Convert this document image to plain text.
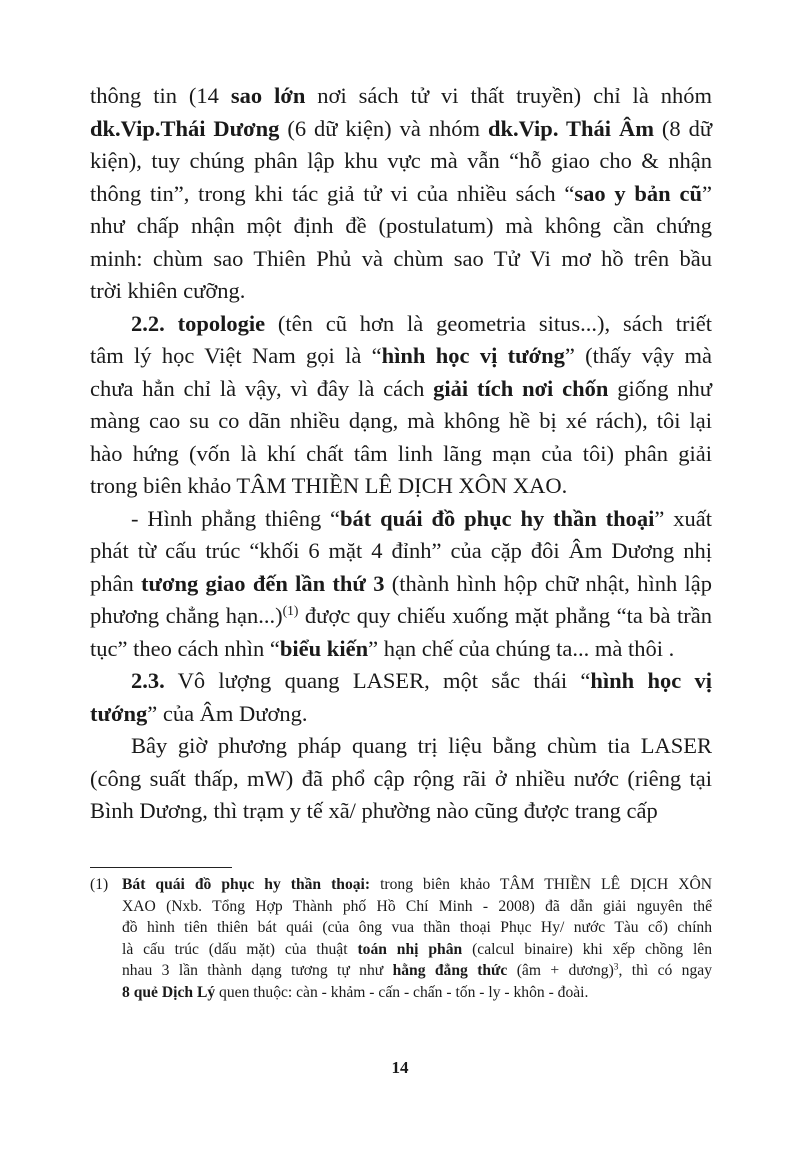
thông tin (14 sao lớn nơi sách tử vi thất truyền) chỉ là nhóm
dk.Vip.Thái Dương (6 dữ kiện) và nhóm dk.Vip. Thái Âm (8 dữ
kiện), tuy chúng phân lập khu vực mà vẫn “hỗ giao cho & nhận
thông tin”, trong khi tác giả tử vi của nhiều sách “sao y bản cũ”
như chấp nhận một định đề (postulatum) mà không cần chứng
minh: chùm sao Thiên Phủ và chùm sao Tử Vi mơ hồ trên bầu
trời khiên cưỡng.
2.2. topologie (tên cũ hơn là geometria situs...), sách triết
tâm lý học Việt Nam gọi là “hình học vị tướng” (thấy vậy mà
chưa hẳn chỉ là vậy, vì đây là cách giải tích nơi chốn giống như
màng cao su co dãn nhiều dạng, mà không hề bị xé rách), tôi lại
hào hứng (vốn là khí chất tâm linh lãng mạn của tôi) phân giải
trong biên khảo TÂM THIỀN LÊ DỊCH XÔN XAO.
- Hình phẳng thiêng “bát quái đồ phục hy thần thoại” xuất
phát từ cấu trúc “khối 6 mặt 4 đỉnh” của cặp đôi Âm Dương nhị
phân tương giao đến lần thứ 3 (thành hình hộp chữ nhật, hình lập
phương chẳng hạn...)$^{(1)}$ được quy chiếu xuống mặt phẳng “ta bà trần
tục” theo cách nhìn “biểu kiến” hạn chế của chúng ta... mà thôi .
2.3. Vô lượng quang LASER, một sắc thái “hình học vị
tướng” của Âm Dương.
Bây giờ phương pháp quang trị liệu bằng chùm tia LASER
(công suất thấp, mW) đã phổ cập rộng rãi ở nhiều nước (riêng tại
Bình Dương, thì trạm y tế xã/ phường nào cũng được trang cấp
(1) Bát quái đồ phục hy thần thoại: trong biên khảo TÂM THIỀN LÊ DỊCH XÔN
XAO (Nxb. Tổng Hợp Thành phố Hồ Chí Minh - 2008) đã dẫn giải nguyên thể
đồ hình tiên thiên bát quái (của ông vua thần thoại Phục Hy/ nước Tàu cổ) chính
là cấu trúc (dấu mặt) của thuật toán nhị phân (calcul binaire) khi xếp chồng lên
nhau 3 lần thành dạng tương tự như hằng đẳng thức (âm + dương)$^3$, thì có ngay
8 quẻ Dịch Lý quen thuộc: càn - khảm - cấn - chấn - tốn - ly - khôn - đoài.
14
